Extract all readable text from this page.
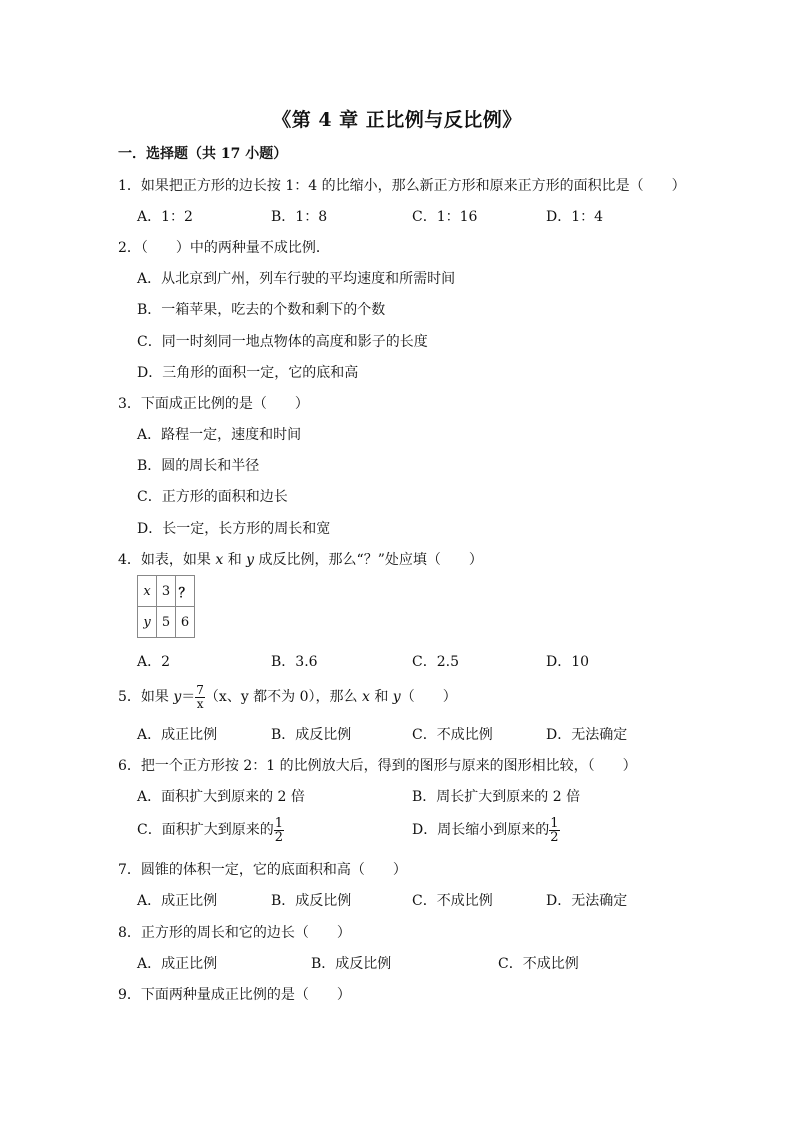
《第 4 章 正比例与反比例》
一．选择题（共 17 小题）
1．如果把正方形的边长按 1：4 的比缩小，那么新正方形和原来正方形的面积比是（　　）
A．1：2	B．1：8	C．1：16	D．1：4
2．（　　）中的两种量不成比例．
A．从北京到广州，列车行驶的平均速度和所需时间
B．一箱苹果，吃去的个数和剩下的个数
C．同一时刻同一地点物体的高度和影子的长度
D．三角形的面积一定，它的底和高
3．下面成正比例的是（　　）
A．路程一定，速度和时间
B．圆的周长和半径
C．正方形的面积和边长
D．长一定，长方形的周长和宽
4．如表，如果 x 和 y 成反比例，那么“？”处应填（　　）
x	3	？
y	5	6
A．2	B．3.6	C．2.5	D．10
5．如果 $y= \frac{7}{x} (x$、y 都不为 0），那么 x 和 y（　　）
A．成正比例	B．成反比例	C．不成比例	D．无法确定
6．把一个正方形按 2：1 的比例放大后，得到的图形与原来的图形相比较，（　　）
A．面积扩大到原来的 2 倍	B．周长扩大到原来的 2 倍
C．面积扩大到原来的 $\frac{1}{2}$	D．周长缩小到原来的 $\frac{1}{2}$
7．圆锥的体积一定，它的底面积和高（　　）
A．成正比例	B．成反比例	C．不成比例	D．无法确定
8．正方形的周长和它的边长（　　）
A．成正比例	B．成反比例	C．不成比例
9．下面两种量成正比例的是（　　）
